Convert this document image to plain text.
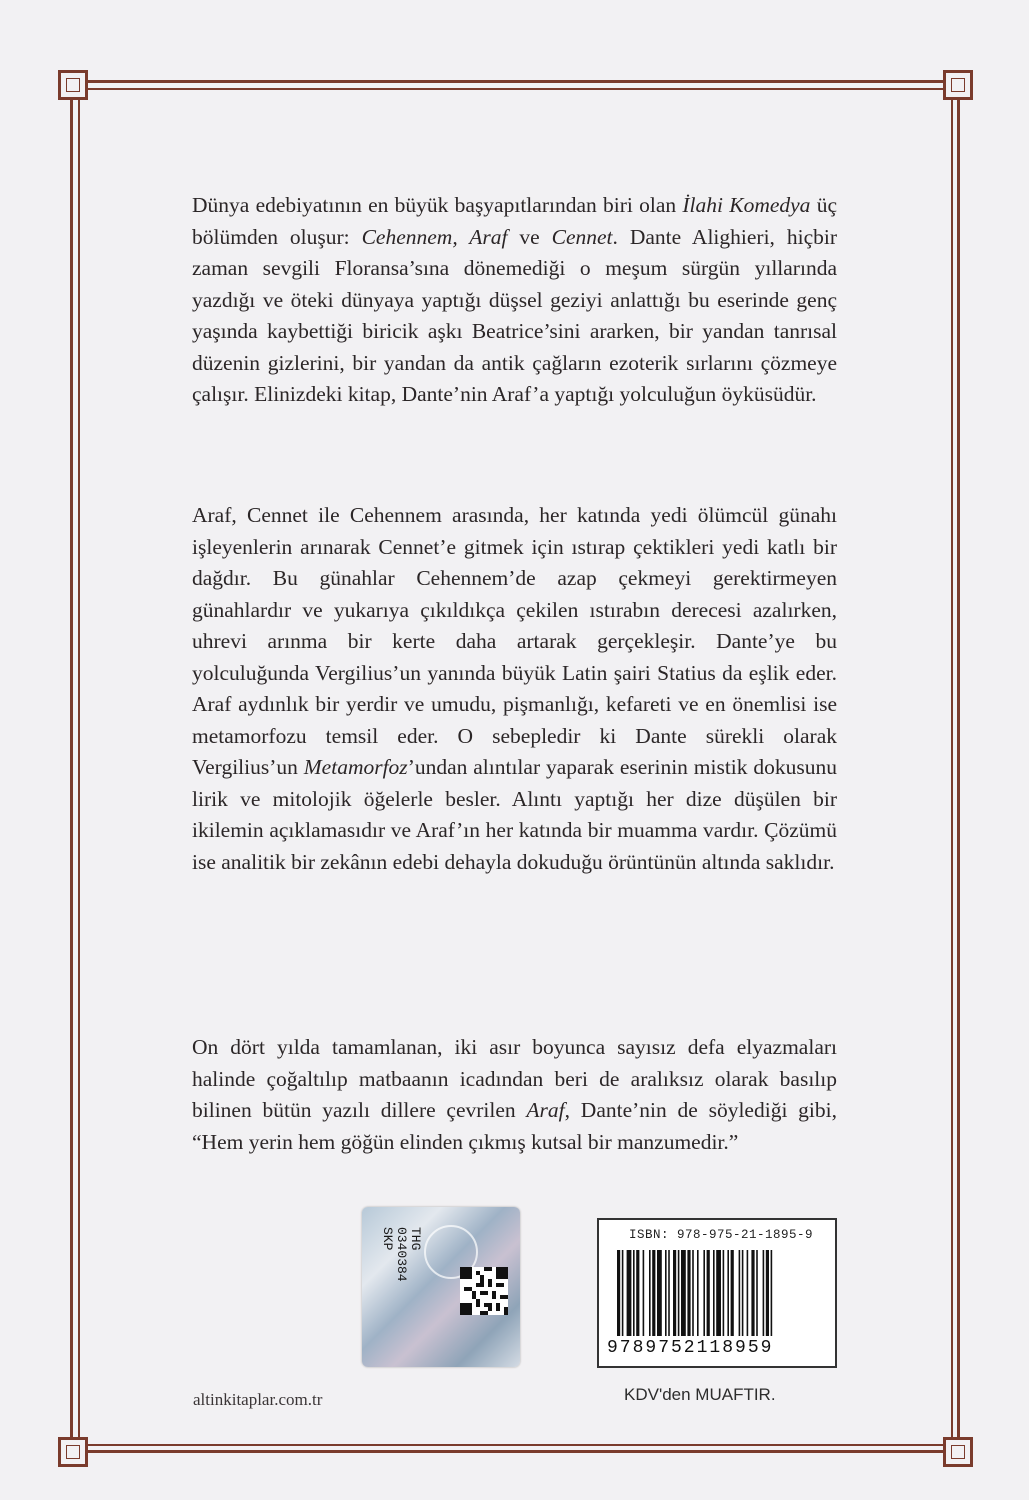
Dünya edebiyatının en büyük başyapıtlarından biri olan İlahi Komedya üç bölümden oluşur: Cehennem, Araf ve Cennet. Dante Alighieri, hiçbir zaman sevgili Floransa’sına dönemediği o meşum sürgün yıllarında yazdığı ve öteki dünyaya yaptığı düşsel geziyi anlattığı bu eserinde genç yaşında kaybettiği biricik aşkı Beatrice’sini ararken, bir yandan tanrısal düzenin gizlerini, bir yandan da antik çağların ezoterik sırlarını çözmeye çalışır. Elinizdeki kitap, Dante’nin Araf’a yaptığı yolculuğun öyküsüdür.

Araf, Cennet ile Cehennem arasında, her katında yedi ölümcül günahı işleyenlerin arınarak Cennet’e gitmek için ıstırap çektikleri yedi katlı bir dağdır. Bu günahlar Cehennem’de azap çekmeyi gerektirmeyen günahlardır ve yukarıya çıkıldıkça çekilen ıstırabın derecesi azalırken, uhrevi arınma bir kerte daha artarak gerçekleşir. Dante’ye bu yolculuğunda Vergilius’un yanında büyük Latin şairi Statius da eşlik eder. Araf aydınlık bir yerdir ve umudu, pişmanlığı, kefareti ve en önemlisi ise metamorfozu temsil eder. O sebepledir ki Dante sürekli olarak Vergilius’un Metamorfoz’undan alıntılar yaparak eserinin mistik dokusunu lirik ve mitolojik öğelerle besler. Alıntı yaptığı her dize düşülen bir ikilemin açıklamasıdır ve Araf’ın her katında bir muamma vardır. Çözümü ise analitik bir zekânın edebi dehayla dokuduğu örüntünün altında saklıdır.

On dört yılda tamamlanan, iki asır boyunca sayısız defa elyazmaları halinde çoğaltılıp matbaanın icadından beri de aralıksız olarak basılıp bilinen bütün yazılı dillere çevrilen Araf, Dante’nin de söylediği gibi, “Hem yerin hem göğün elinden çıkmış kutsal bir manzumedir.”

THG
0340384
SKP	ISBN: 978-975-21-1895-9
9789752118959
altinkitaplar.com.tr	KDV'den MUAFTIR.
